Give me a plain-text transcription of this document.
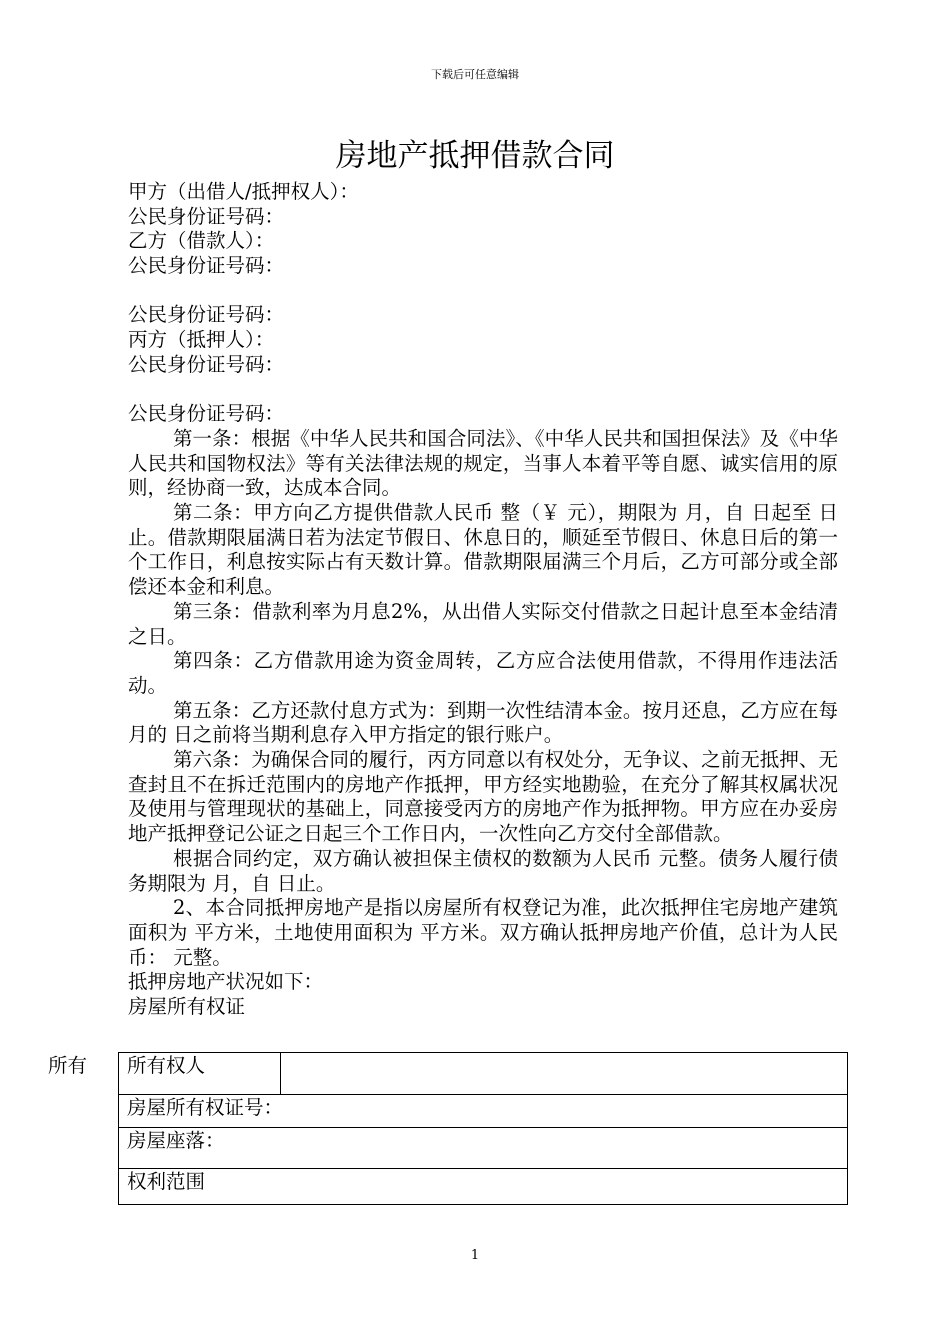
下载后可任意编辑
房地产抵押借款合同
甲方（出借人/抵押权人）：
公民身份证号码：
乙方（借款人）：
公民身份证号码：
公民身份证号码：
丙方（抵押人）：
公民身份证号码：
公民身份证号码：
第一条：根据《中华人民共和国合同法》、《中华人民共和国担保法》及《中华人民共和国物权法》等有关法律法规的规定，当事人本着平等自愿、诚实信用的原则，经协商一致，达成本合同。
第二条：甲方向乙方提供借款人民币 整（￥ 元），期限为 月，自 日起至 日止。借款期限届满日若为法定节假日、休息日的，顺延至节假日、休息日后的第一个工作日，利息按实际占有天数计算。借款期限届满三个月后，乙方可部分或全部偿还本金和利息。
第三条：借款利率为月息2%，从出借人实际交付借款之日起计息至本金结清之日。
第四条：乙方借款用途为资金周转，乙方应合法使用借款，不得用作违法活动。
第五条：乙方还款付息方式为：到期一次性结清本金。按月还息，乙方应在每月的 日之前将当期利息存入甲方指定的银行账户。
第六条：为确保合同的履行，丙方同意以有权处分，无争议、之前无抵押、无查封且不在拆迁范围内的房地产作抵押，甲方经实地勘验，在充分了解其权属状况及使用与管理现状的基础上，同意接受丙方的房地产作为抵押物。甲方应在办妥房地产抵押登记公证之日起三个工作日内，一次性向乙方交付全部借款。
根据合同约定，双方确认被担保主债权的数额为人民币 元整。债务人履行债务期限为 月，自 日止。
2、本合同抵押房地产是指以房屋所有权登记为准，此次抵押住宅房地产建筑面积为 平方米，土地使用面积为 平方米。双方确认抵押房地产价值，总计为人民币： 元整。
抵押房地产状况如下：
房屋所有权证
所有 所有权人	
房屋所有权证号：
房屋座落：
权利范围
1
